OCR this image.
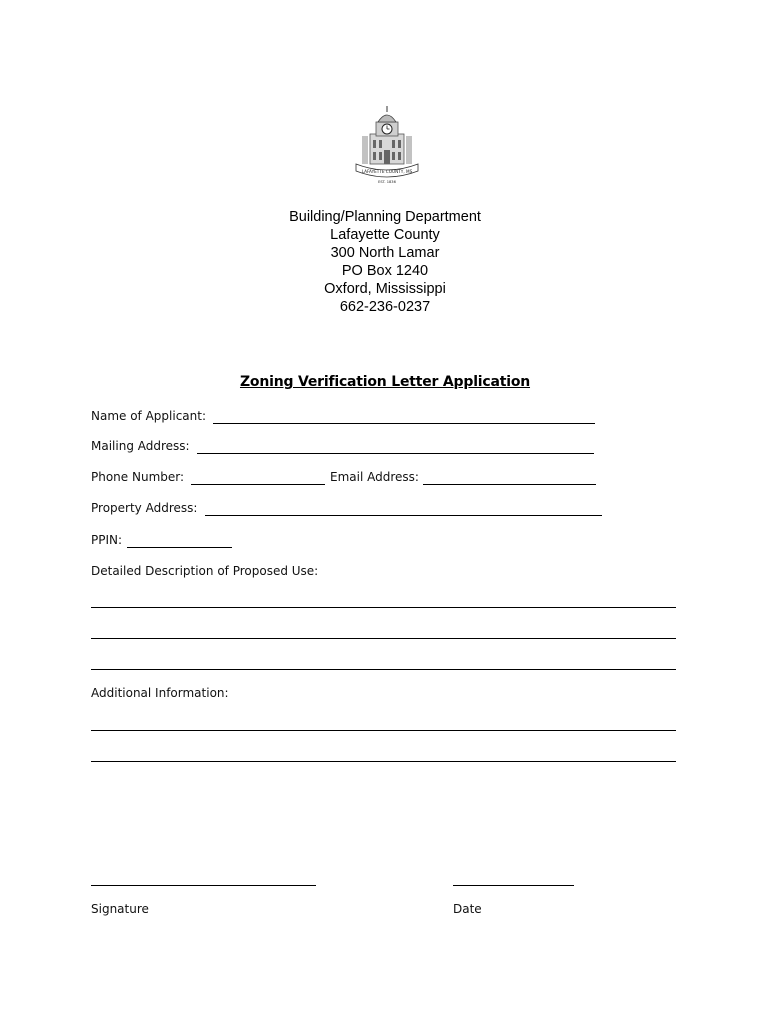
LAFAYETTE COUNTY, MS
EST. 1836
Building/Planning Department
Lafayette County
300 North Lamar
PO Box 1240
Oxford, Mississippi
662-236-0237
Zoning Verification Letter Application
Name of Applicant:
Mailing Address:
Phone Number:	Email Address:
Property Address:
PPIN:
Detailed Description of Proposed Use:
Additional Information:
Signature	Date
